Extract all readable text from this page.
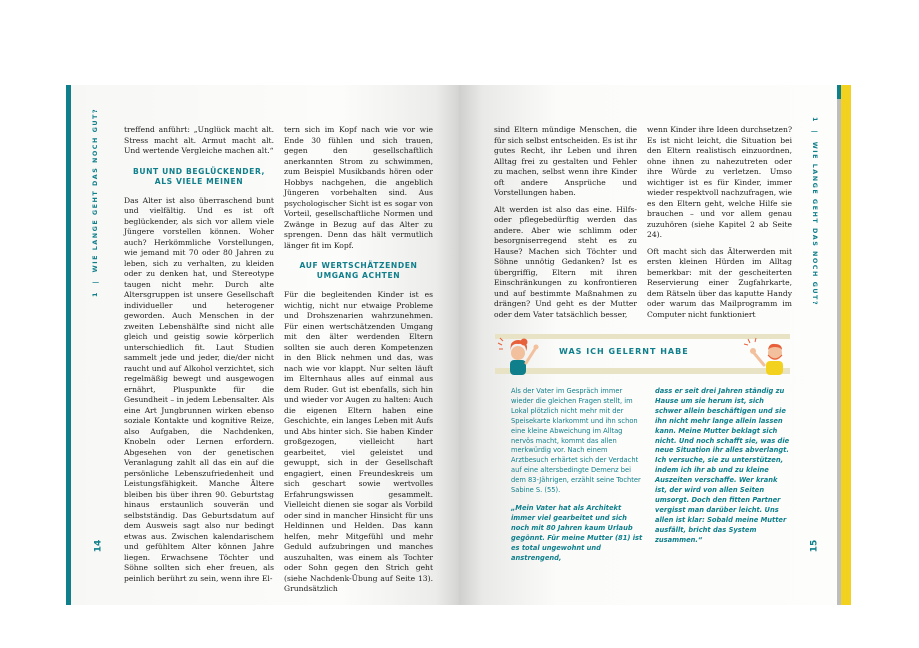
1  |  WIE LANGE GEHT DAS NOCH GUT?	treffend anführt: „Unglück macht alt. Stress macht alt. Armut macht alt. Und wertende Vergleiche machen alt.“

BUNT UND BEGLÜCKENDER, ALS VIELE MEINEN

Das Alter ist also überraschend bunt und vielfältig. Und es ist oft beglückender, als sich vor allem viele Jüngere vorstellen können. Woher auch? Herkömmliche Vorstellungen, wie jemand mit 70 oder 80 Jahren zu leben, sich zu verhalten, zu kleiden oder zu denken hat, und Stereotype taugen nicht mehr. Durch alte Altersgruppen ist unsere Gesellschaft individueller und heterogener geworden. Auch Menschen in der zweiten Lebenshälfte sind nicht alle gleich und geistig sowie körperlich unterschiedlich fit. Laut Studien sammelt jede und jeder, die/der nicht raucht und auf Alkohol verzichtet, sich regelmäßig bewegt und ausgewogen ernährt, Pluspunkte für die Gesundheit – in jedem Lebensalter. Als eine Art Jungbrunnen wirken ebenso soziale Kontakte und kognitive Reize, also Aufgaben, die Nachdenken, Knobeln oder Lernen erfordern. Abgesehen von der genetischen Veranlagung zahlt all das ein auf die persönliche Lebenszufriedenheit und Leistungsfähigkeit. Manche Ältere bleiben bis über ihren 90. Geburtstag hinaus erstaunlich souverän und selbstständig. Das Geburtsdatum auf dem Ausweis sagt also nur bedingt etwas aus. Zwischen kalendarischem und gefühltem Alter können Jahre liegen. Erwachsene Töchter und Söhne sollten sich eher freuen, als peinlich berührt zu sein, wenn ihre El-

tern sich im Kopf nach wie vor wie Ende 30 fühlen und sich trauen, gegen den gesellschaftlich anerkannten Strom zu schwimmen, zum Beispiel Musikbands hören oder Hobbys nachgehen, die angeblich Jüngeren vorbehalten sind. Aus psychologischer Sicht ist es sogar von Vorteil, gesellschaftliche Normen und Zwänge in Bezug auf das Alter zu sprengen. Denn das hält vermutlich länger fit im Kopf.

AUF WERTSCHÄTZENDEN UMGANG ACHTEN

Für die begleitenden Kinder ist es wichtig, nicht nur etwaige Probleme und Drohszenarien wahrzunehmen. Für einen wertschätzenden Umgang mit den älter werdenden Eltern sollten sie auch deren Kompetenzen in den Blick nehmen und das, was nach wie vor klappt. Nur selten läuft im Elternhaus alles auf einmal aus dem Ruder. Gut ist ebenfalls, sich hin und wieder vor Augen zu halten: Auch die eigenen Eltern haben eine Geschichte, ein langes Leben mit Aufs und Abs hinter sich. Sie haben Kinder großgezogen, vielleicht hart gearbeitet, viel geleistet und gewuppt, sich in der Gesellschaft engagiert, einen Freundeskreis um sich geschart sowie wertvolles Erfahrungswissen gesammelt. Vielleicht dienen sie sogar als Vorbild oder sind in mancher Hinsicht für uns Heldinnen und Helden. Das kann helfen, mehr Mitgefühl und mehr Geduld aufzubringen und manches auszuhalten, was einem als Tochter oder Sohn gegen den Strich geht (siehe Nachdenk-Übung auf Seite 13). Grundsätzlich

14
1  |  WIE LANGE GEHT DAS NOCH GUT?

sind Eltern mündige Menschen, die für sich selbst entscheiden. Es ist ihr gutes Recht, ihr Leben und ihren Alltag frei zu gestalten und Fehler zu machen, selbst wenn ihre Kinder oft andere Ansprüche und Vorstellungen haben.

Alt werden ist also das eine. Hilfs- oder pflegebedürftig werden das andere. Aber wie schlimm oder besorgniserregend steht es zu Hause? Machen sich Töchter und Söhne unnötig Gedanken? Ist es übergriffig, Eltern mit ihren Einschränkungen zu konfrontieren und auf bestimmte Maßnahmen zu drängen? Und geht es der Mutter oder dem Vater tatsächlich besser,

wenn Kinder ihre Ideen durchsetzen? Es ist nicht leicht, die Situation bei den Eltern realistisch einzuordnen, ohne ihnen zu nahezutreten oder ihre Würde zu verletzen. Umso wichtiger ist es für Kinder, immer wieder respektvoll nachzufragen, wie es den Eltern geht, welche Hilfe sie brauchen – und vor allem genau zuzuhören (siehe Kapitel 2 ab Seite 24).

Oft macht sich das Älterwerden mit ersten kleinen Hürden im Alltag bemerkbar: mit der gescheiterten Reservierung einer Zugfahrkarte, dem Rätseln über das kaputte Handy oder warum das Mailprogramm im Computer nicht funktioniert

WAS ICH GELERNT HABE

Als der Vater im Gespräch immer wieder die gleichen Fragen stellt, im Lokal plötzlich nicht mehr mit der Speisekarte klarkommt und ihn schon eine kleine Abweichung im Alltag nervös macht, kommt das allen merkwürdig vor. Nach einem Arztbesuch erhärtet sich der Verdacht auf eine altersbedingte Demenz bei dem 83-Jährigen, erzählt seine Tochter Sabine S. (55).

„Mein Vater hat als Architekt immer viel gearbeitet und sich noch mit 80 Jahren kaum Urlaub gegönnt. Für meine Mutter (81) ist es total ungewohnt und anstrengend,

dass er seit drei Jahren ständig zu Hause um sie herum ist, sich schwer allein beschäftigen und sie ihn nicht mehr lange allein lassen kann. Meine Mutter beklagt sich nicht. Und noch schafft sie, was die neue Situation ihr alles abverlangt. Ich versuche, sie zu unterstützen, indem ich ihr ab und zu kleine Auszeiten verschaffe. Wer krank ist, der wird von allen Seiten umsorgt. Doch den fitten Partner vergisst man darüber leicht. Uns allen ist klar: Sobald meine Mutter ausfällt, bricht das System zusammen.“

15
